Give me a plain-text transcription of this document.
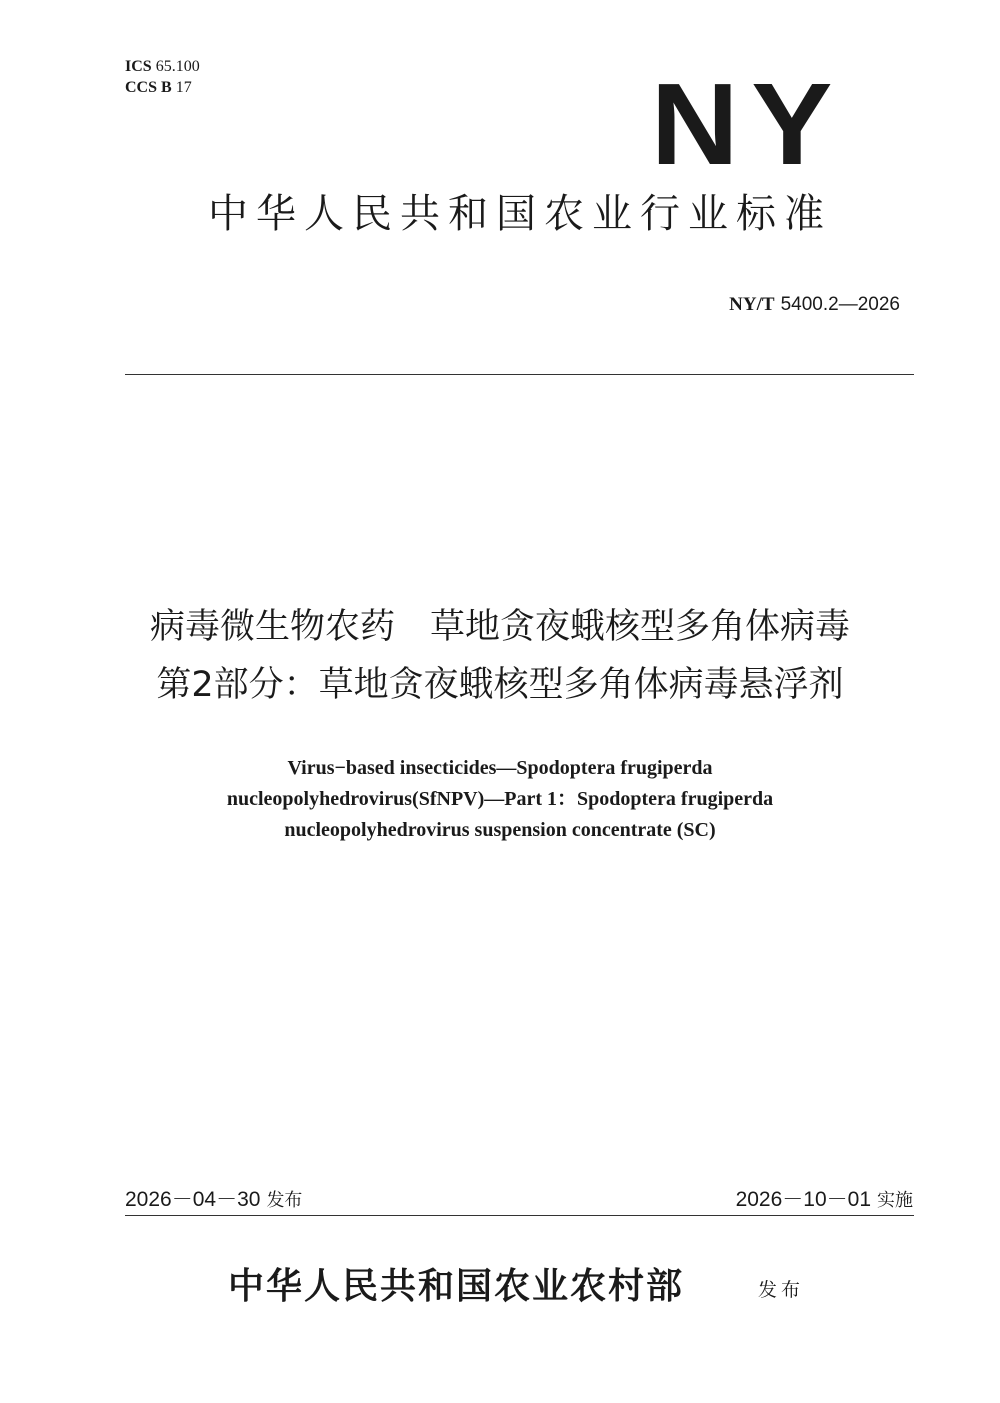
ICS 65.100
CCS B 17	NY
中华人民共和国农业行业标准
NY/T 5400.2—2026
病毒微生物农药　草地贪夜蛾核型多角体病毒
第2部分：草地贪夜蛾核型多角体病毒悬浮剂
Virus−based insecticides—Spodoptera frugiperda
nucleopolyhedrovirus(SfNPV)—Part 1：Spodoptera frugiperda
nucleopolyhedrovirus suspension concentrate (SC)
2026－04－30 发布	2026－10－01 实施
中华人民共和国农业农村部	发布
